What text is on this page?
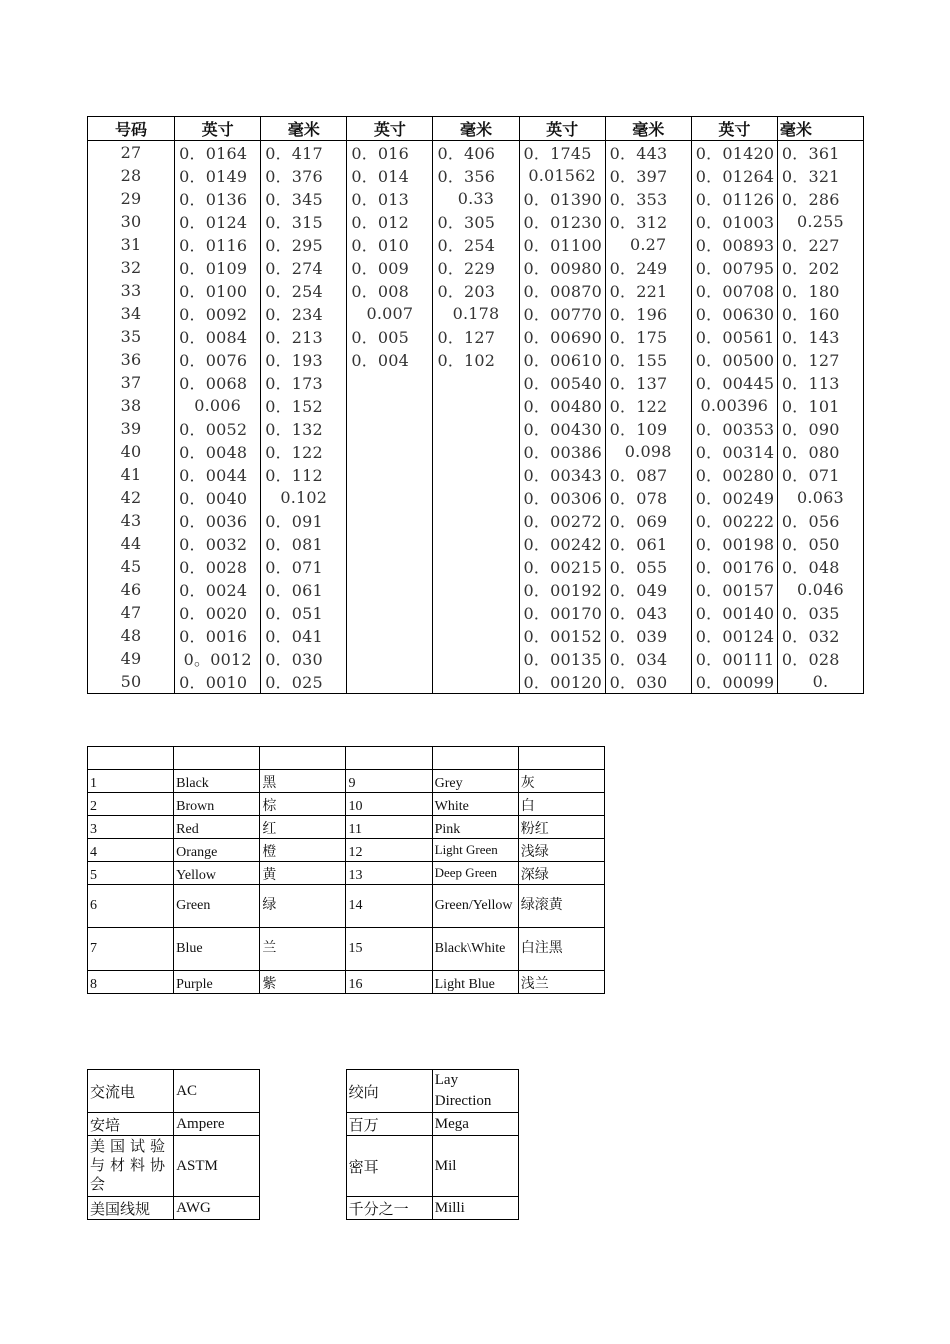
号码	英寸	毫米	英寸	毫米	英寸	毫米	英寸	毫米
27	0．0164	0．417	0．016	0．406	0．1745	0．443	0．01420	0．361
28	0．0149	0．376	0．014	0．356	0.01562	0．397	0．01264	0．321
29	0．0136	0．345	0．013	0.33	0．01390	0．353	0．01126	0．286
30	0．0124	0．315	0．012	0．305	0．01230	0．312	0．01003	0.255
31	0．0116	0．295	0．010	0．254	0．01100	0.27	0．00893	0．227
32	0．0109	0．274	0．009	0．229	0．00980	0．249	0．00795	0．202
33	0．0100	0．254	0．008	0．203	0．00870	0．221	0．00708	0．180
34	0．0092	0．234	0.007	0.178	0．00770	0．196	0．00630	0．160
35	0．0084	0．213	0．005	0．127	0．00690	0．175	0．00561	0．143
36	0．0076	0．193	0．004	0．102	0．00610	0．155	0．00500	0．127
37	0．0068	0．173			0．00540	0．137	0．00445	0．113
38	0.006	0．152			0．00480	0．122	0.00396	0．101
39	0．0052	0．132			0．00430	0．109	0．00353	0．090
40	0．0048	0．122			0．00386	0.098	0．00314	0．080
41	0．0044	0．112			0．00343	0．087	0．00280	0．071
42	0．0040	0.102			0．00306	0．078	0．00249	0.063
43	0．0036	0．091			0．00272	0．069	0．00222	0．056
44	0．0032	0．081			0．00242	0．061	0．00198	0．050
45	0．0028	0．071			0．00215	0．055	0．00176	0．048
46	0．0024	0．061			0．00192	0．049	0．00157	0.046
47	0．0020	0．051			0．00170	0．043	0．00140	0．035
48	0．0016	0．041			0．00152	0．039	0．00124	0．032
49	0。0012	0．030			0．00135	0．034	0．00111	0．028
50	0．0010	0．025			0．00120	0．030	0．00099	0.

1	Black	黑	9	Grey	灰
2	Brown	棕	10	White	白
3	Red	红	11	Pink	粉红
4	Orange	橙	12	Light Green	浅绿
5	Yellow	黄	13	Deep Green	深绿
6	Green	绿	14	Green/Yellow	绿滚黄
7	Blue	兰	15	Black\White	白注黑
8	Purple	紫	16	Light Blue	浅兰
交流电	AC		绞向	Lay Direction
安培	Ampere		百万	Mega
美国试验与材料协会	ASTM		密耳	Mil
美国线规	AWG		千分之一	Milli
